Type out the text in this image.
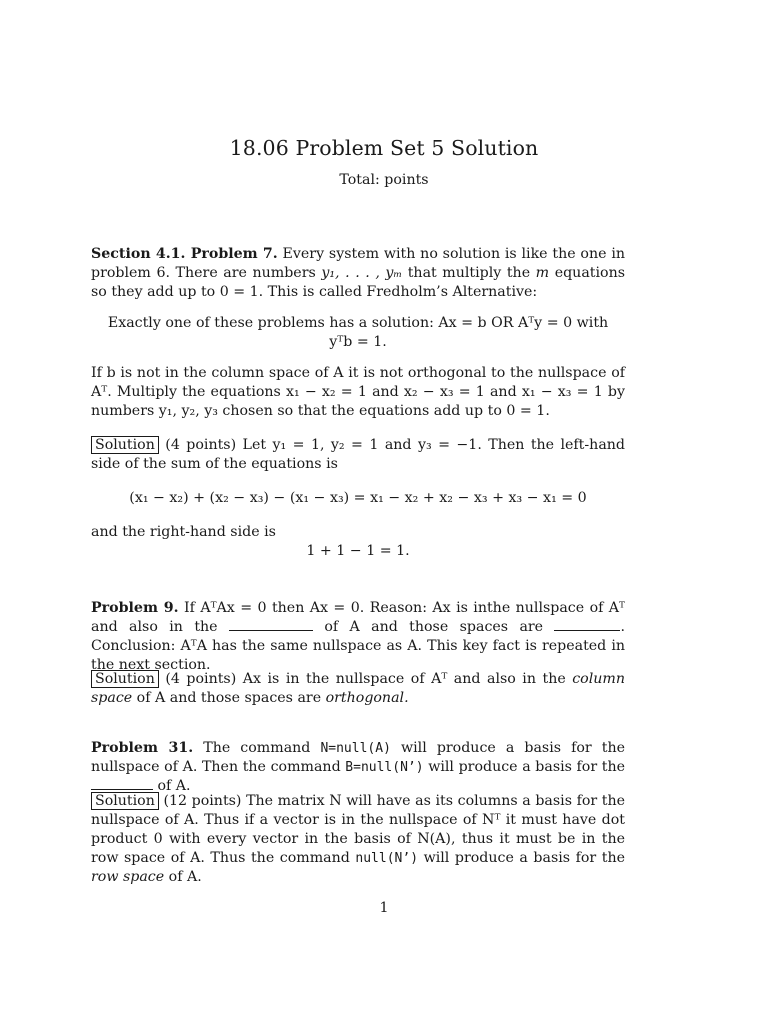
18.06 Problem Set 5 Solution
Total: points
Section 4.1. Problem 7. Every system with no solution is like the one in problem 6. There are numbers y₁, . . . , yₘ that multiply the m equations so they add up to 0 = 1. This is called Fredholm’s Alternative:
Exactly one of these problems has a solution: Ax = b OR Aᵀy = 0 with
yᵀb = 1.
If b is not in the column space of A it is not orthogonal to the nullspace of Aᵀ. Multiply the equations x₁ − x₂ = 1 and x₂ − x₃ = 1 and x₁ − x₃ = 1 by numbers y₁, y₂, y₃ chosen so that the equations add up to 0 = 1.
Solution (4 points) Let y₁ = 1, y₂ = 1 and y₃ = −1. Then the left-hand side of the sum of the equations is
(x₁ − x₂) + (x₂ − x₃) − (x₁ − x₃) = x₁ − x₂ + x₂ − x₃ + x₃ − x₁ = 0
and the right-hand side is
1 + 1 − 1 = 1.
Problem 9. If AᵀAx = 0 then Ax = 0. Reason: Ax is inthe nullspace of Aᵀ and also in the	of A and those spaces are	. Conclusion: AᵀA has the same nullspace as A. This key fact is repeated in the next section.
Solution (4 points) Ax is in the nullspace of Aᵀ and also in the column space of A and those spaces are orthogonal.
Problem 31. The command N=null(A) will produce a basis for the nullspace of A. Then the command B=null(N’) will produce a basis for the  of A.
Solution (12 points) The matrix N will have as its columns a basis for the nullspace of A. Thus if a vector is in the nullspace of Nᵀ it must have dot product 0 with every vector in the basis of N(A), thus it must be in the row space of A. Thus the command null(N’) will produce a basis for the row space of A.
1
